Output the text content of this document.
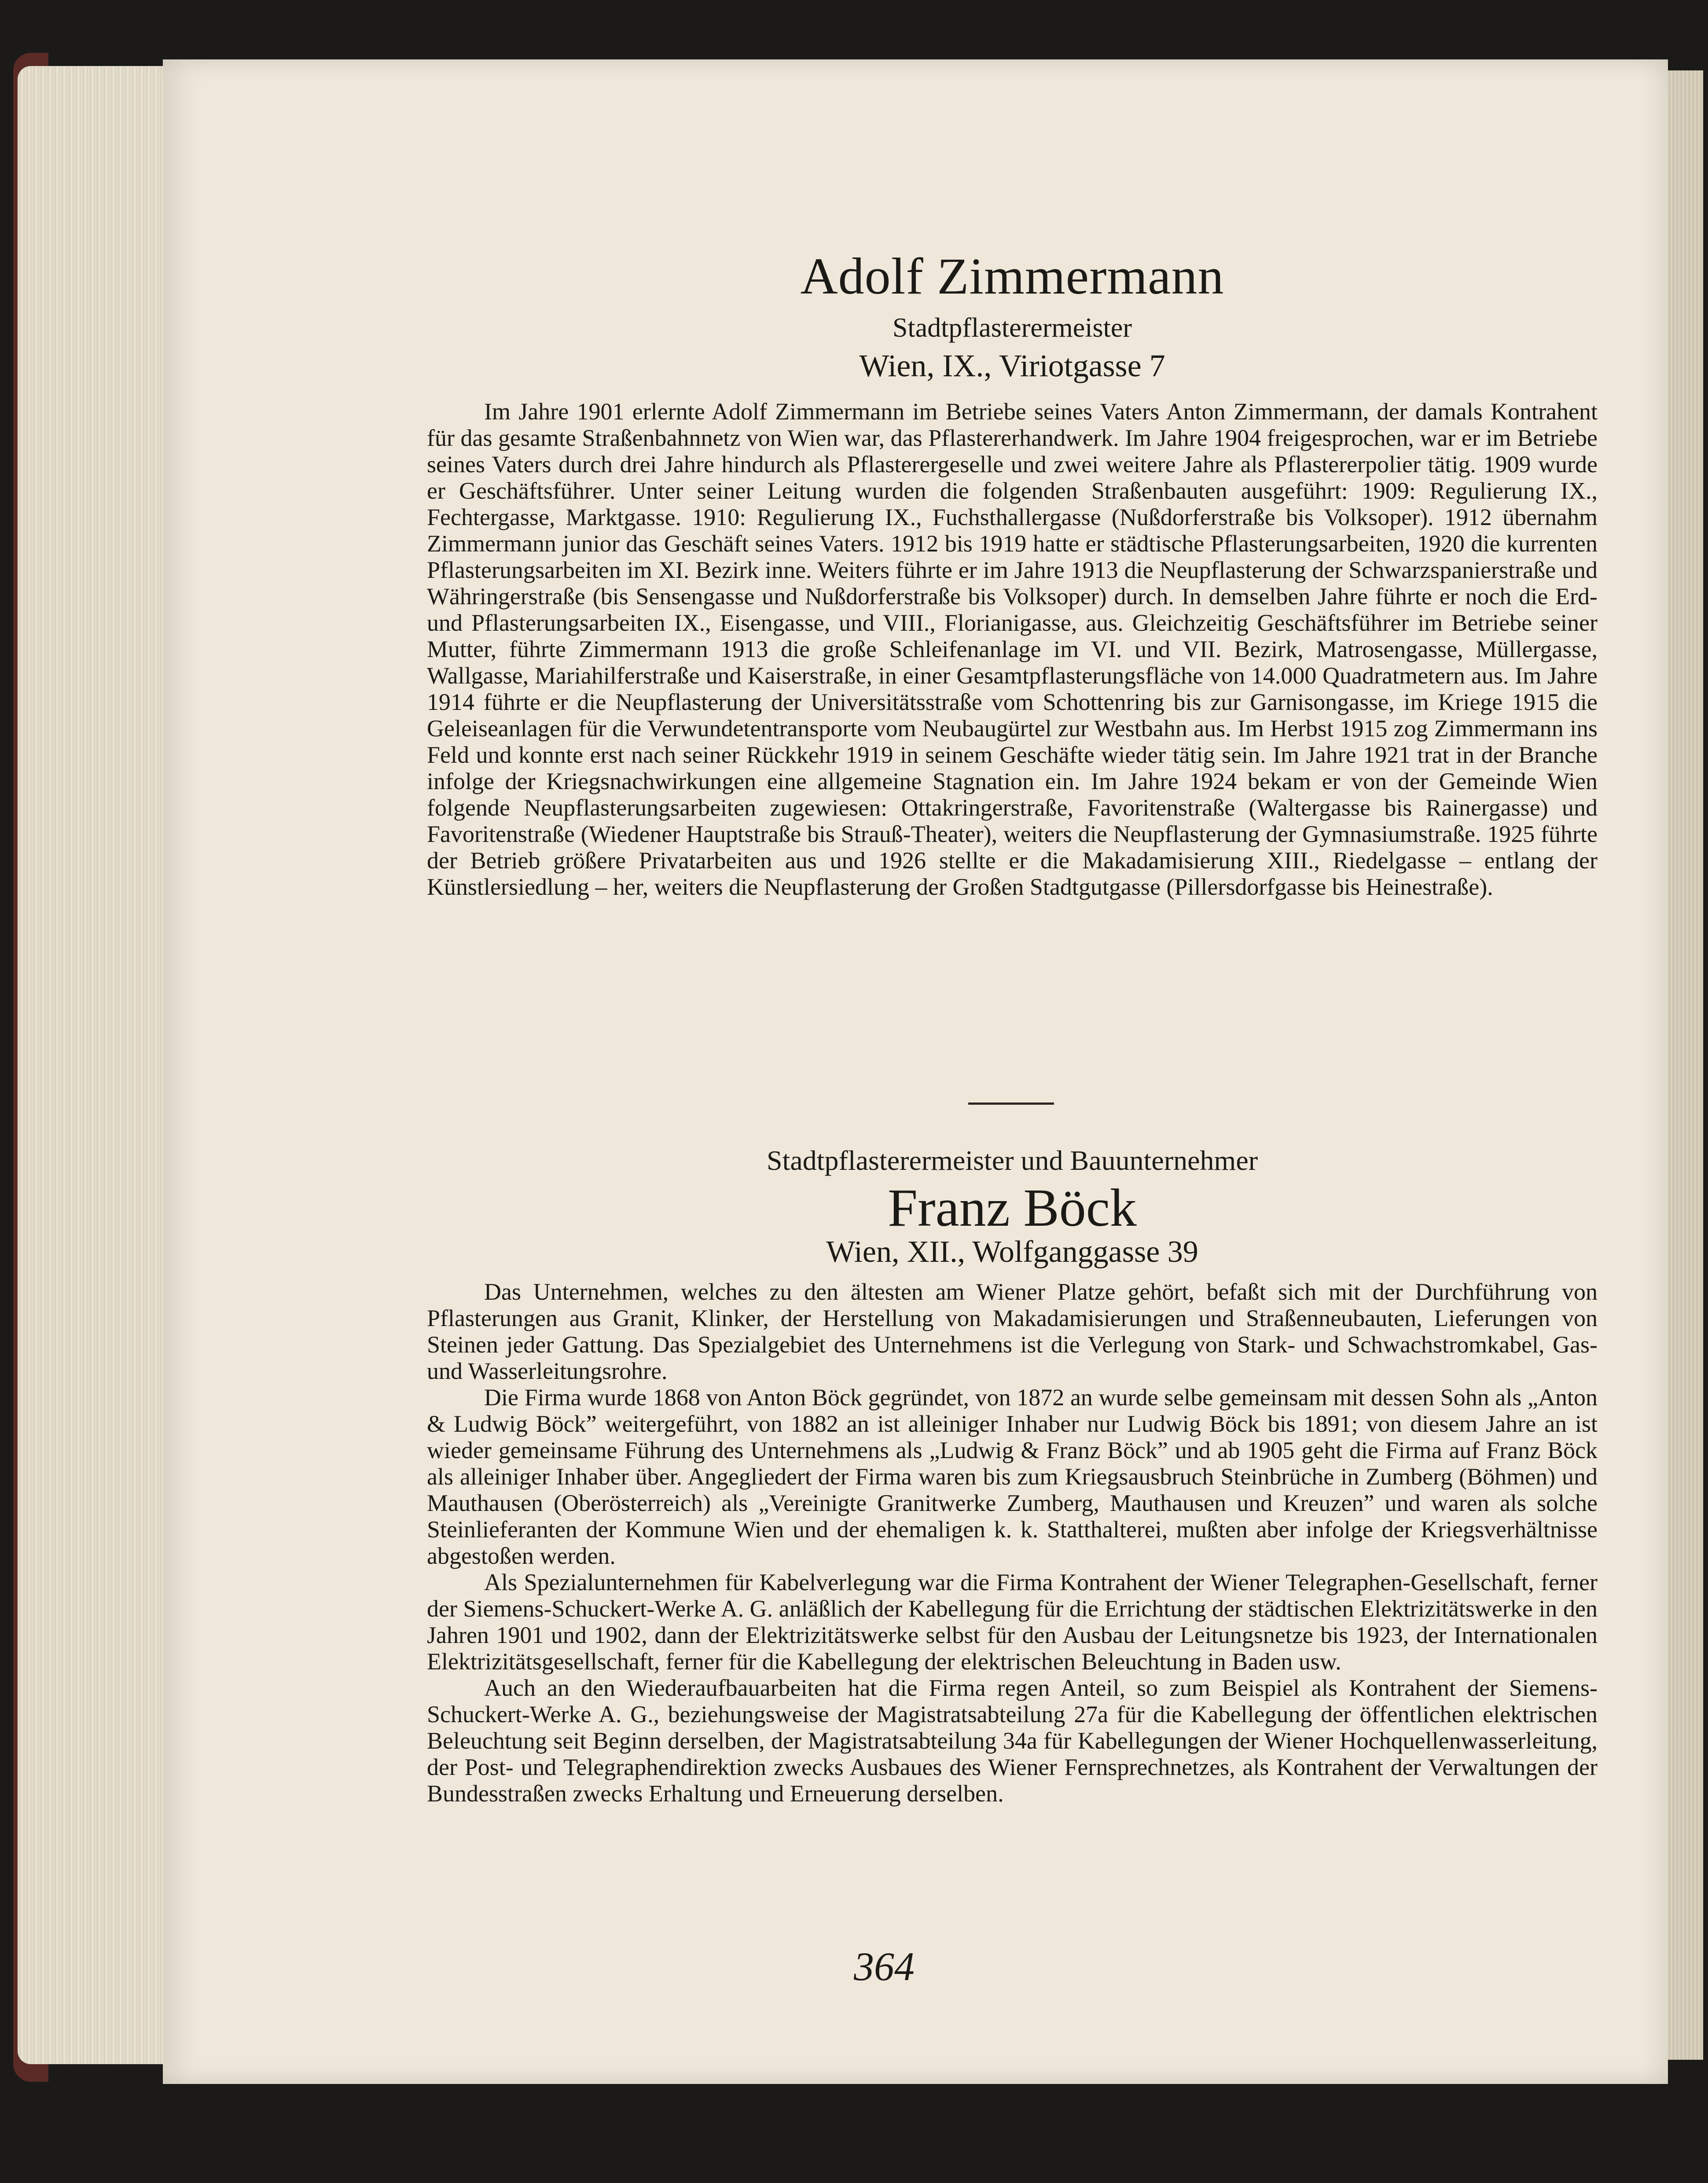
Adolf Zimmermann
Stadtpflasterermeister
Wien, IX., Viriotgasse 7
Im Jahre 1901 erlernte Adolf Zimmermann im Betriebe seines Vaters Anton Zimmermann, der damals Kontrahent für das gesamte Straßenbahnnetz von Wien war, das Pflastererhandwerk. Im Jahre 1904 freigesprochen, war er im Betriebe seines Vaters durch drei Jahre hindurch als Pflasterergeselle und zwei weitere Jahre als Pflastererpolier tätig. 1909 wurde er Geschäftsführer. Unter seiner Leitung wurden die folgenden Straßenbauten ausgeführt: 1909: Regulierung IX., Fechtergasse, Marktgasse. 1910: Regulierung IX., Fuchsthallergasse (Nußdorferstraße bis Volksoper). 1912 übernahm Zimmermann junior das Geschäft seines Vaters. 1912 bis 1919 hatte er städtische Pflasterungsarbeiten, 1920 die kurrenten Pflasterungsarbeiten im XI. Bezirk inne. Weiters führte er im Jahre 1913 die Neupflasterung der Schwarzspanierstraße und Währingerstraße (bis Sensengasse und Nußdorferstraße bis Volksoper) durch. In demselben Jahre führte er noch die Erd- und Pflasterungsarbeiten IX., Eisengasse, und VIII., Florianigasse, aus. Gleichzeitig Geschäftsführer im Betriebe seiner Mutter, führte Zimmermann 1913 die große Schleifenanlage im VI. und VII. Bezirk, Matrosengasse, Müllergasse, Wallgasse, Mariahilferstraße und Kaiserstraße, in einer Gesamtpflasterungsfläche von 14.000 Quadratmetern aus. Im Jahre 1914 führte er die Neupflasterung der Universitätsstraße vom Schottenring bis zur Garnisongasse, im Kriege 1915 die Geleiseanlagen für die Verwundetentransporte vom Neubaugürtel zur Westbahn aus. Im Herbst 1915 zog Zimmermann ins Feld und konnte erst nach seiner Rückkehr 1919 in seinem Geschäfte wieder tätig sein. Im Jahre 1921 trat in der Branche infolge der Kriegsnachwirkungen eine allgemeine Stagnation ein. Im Jahre 1924 bekam er von der Gemeinde Wien folgende Neupflasterungsarbeiten zugewiesen: Ottakringerstraße, Favoritenstraße (Waltergasse bis Rainergasse) und Favoritenstraße (Wiedener Hauptstraße bis Strauß-Theater), weiters die Neupflasterung der Gymnasiumstraße. 1925 führte der Betrieb größere Privatarbeiten aus und 1926 stellte er die Makadamisierung XIII., Riedelgasse – entlang der Künstlersiedlung – her, weiters die Neupflasterung der Großen Stadtgutgasse (Pillersdorfgasse bis Heinestraße).
Stadtpflasterermeister und Bauunternehmer
Franz Böck
Wien, XII., Wolfganggasse 39

Das Unternehmen, welches zu den ältesten am Wiener Platze gehört, befaßt sich mit der Durchführung von Pflasterungen aus Granit, Klinker, der Herstellung von Makadamisierungen und Straßenneubauten, Lieferungen von Steinen jeder Gattung. Das Spezialgebiet des Unternehmens ist die Verlegung von Stark- und Schwachstromkabel, Gas- und Wasserleitungsrohre.

Die Firma wurde 1868 von Anton Böck gegründet, von 1872 an wurde selbe gemeinsam mit dessen Sohn als „Anton & Ludwig Böck” weitergeführt, von 1882 an ist alleiniger Inhaber nur Ludwig Böck bis 1891; von diesem Jahre an ist wieder gemeinsame Führung des Unternehmens als „Ludwig & Franz Böck” und ab 1905 geht die Firma auf Franz Böck als alleiniger Inhaber über. Angegliedert der Firma waren bis zum Kriegsausbruch Steinbrüche in Zumberg (Böhmen) und Mauthausen (Oberösterreich) als „Vereinigte Granitwerke Zumberg, Mauthausen und Kreuzen” und waren als solche Steinlieferanten der Kommune Wien und der ehemaligen k. k. Statthalterei, mußten aber infolge der Kriegsverhältnisse abgestoßen werden.

Als Spezialunternehmen für Kabelverlegung war die Firma Kontrahent der Wiener Telegraphen-Gesellschaft, ferner der Siemens-Schuckert-Werke A. G. anläßlich der Kabellegung für die Errichtung der städtischen Elektrizitätswerke in den Jahren 1901 und 1902, dann der Elektrizitätswerke selbst für den Ausbau der Leitungsnetze bis 1923, der Internationalen Elektrizitätsgesellschaft, ferner für die Kabellegung der elektrischen Beleuchtung in Baden usw.

Auch an den Wiederaufbauarbeiten hat die Firma regen Anteil, so zum Beispiel als Kontrahent der Siemens-Schuckert-Werke A. G., beziehungsweise der Magistratsabteilung 27a für die Kabellegung der öffentlichen elektrischen Beleuchtung seit Beginn derselben, der Magistratsabteilung 34a für Kabellegungen der Wiener Hochquellenwasserleitung, der Post- und Telegraphendirektion zwecks Ausbaues des Wiener Fernsprechnetzes, als Kontrahent der Verwaltungen der Bundesstraßen zwecks Erhaltung und Erneuerung derselben.

364
